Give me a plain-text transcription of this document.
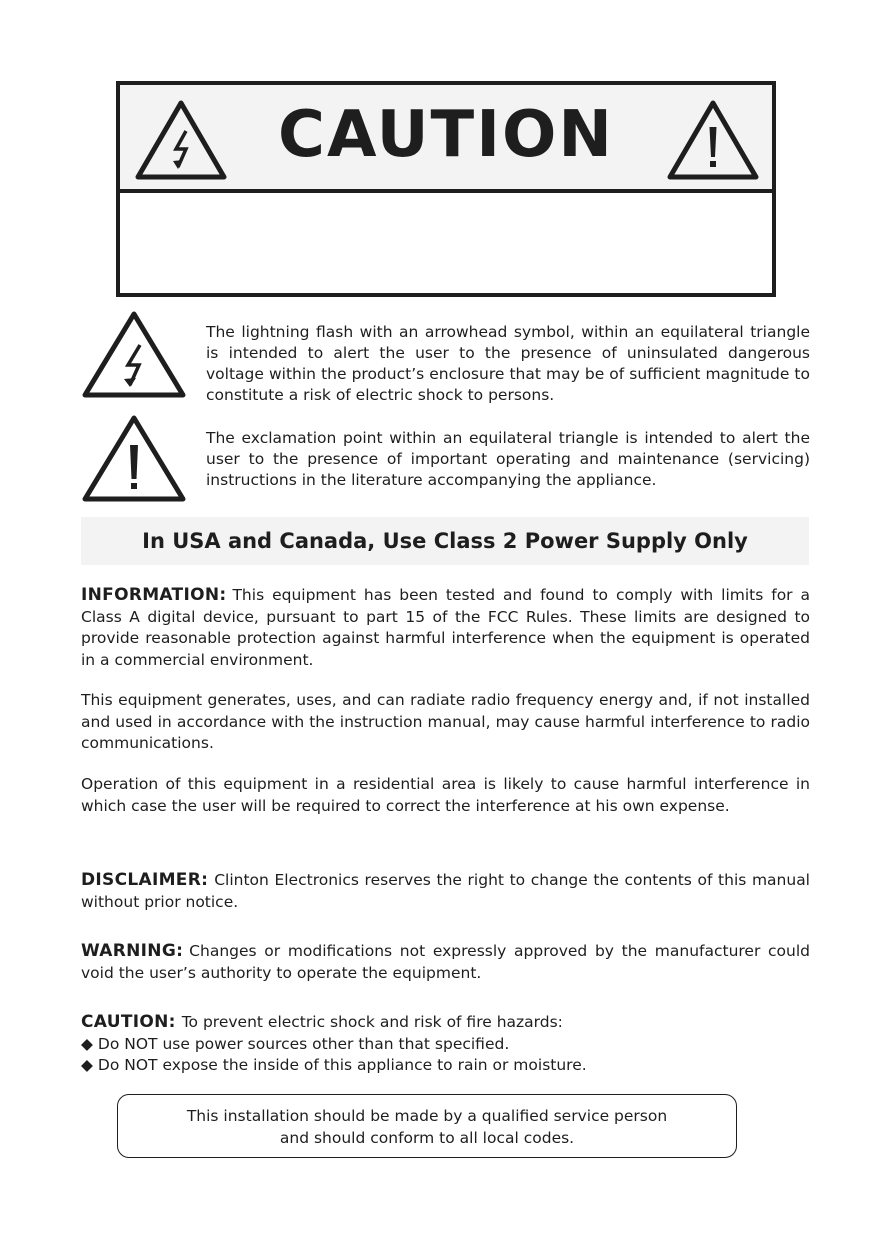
CAUTION
The lightning flash with an arrowhead symbol, within an equilateral triangle is intended to alert the user to the presence of uninsulated dangerous voltage within the product’s enclosure that may be of sufficient magnitude to constitute a risk of electric shock to persons.
The exclamation point within an equilateral triangle is intended to alert the user to the presence of important operating and maintenance (servicing) instructions in the literature accompanying the appliance.
In USA and Canada, Use Class 2 Power Supply Only

INFORMATION: This equipment has been tested and found to comply with limits for a Class A digital device, pursuant to part 15 of the FCC Rules. These limits are designed to provide reasonable protection against harmful interference when the equipment is operated in a commercial environment.

This equipment generates, uses, and can radiate radio frequency energy and, if not installed and used in accordance with the instruction manual, may cause harmful interference to radio communications.

Operation of this equipment in a residential area is likely to cause harmful interference in which case the user will be required to correct the interference at his own expense.

DISCLAIMER: Clinton Electronics reserves the right to change the contents of this manual without prior notice.

WARNING: Changes or modifications not expressly approved by the manufacturer could void the user’s authority to operate the equipment.

CAUTION: To prevent electric shock and risk of fire hazards:
◆ Do NOT use power sources other than that specified.
◆ Do NOT expose the inside of this appliance to rain or moisture.
This installation should be made by a qualified service person
and should conform to all local codes.
